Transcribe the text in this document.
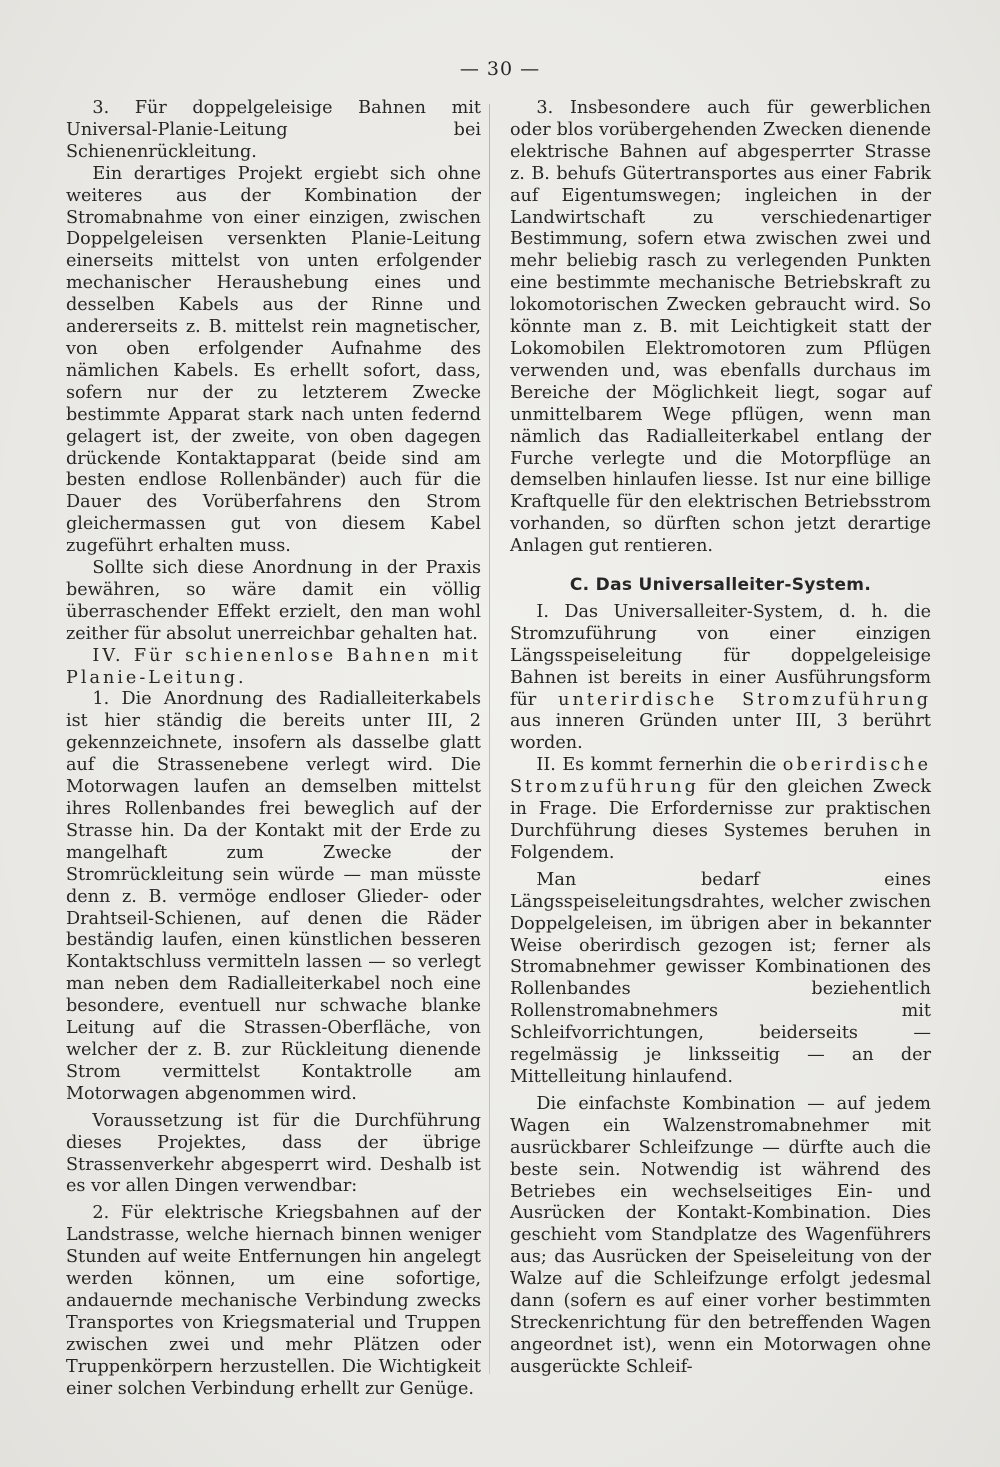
— 30 —

3. Für doppelgeleisige Bahnen mit Universal-Planie-Leitung bei Schienenrückleitung.

Ein derartiges Projekt ergiebt sich ohne weiteres aus der Kombination der Stromabnahme von einer einzigen, zwischen Doppelgeleisen versenkten Planie-Leitung einerseits mittelst von unten erfolgender mechanischer Heraushebung eines und desselben Kabels aus der Rinne und andererseits z. B. mittelst rein magnetischer, von oben erfolgender Aufnahme des nämlichen Kabels. Es erhellt sofort, dass, sofern nur der zu letzterem Zwecke bestimmte Apparat stark nach unten federnd gelagert ist, der zweite, von oben dagegen drückende Kontaktapparat (beide sind am besten endlose Rollenbänder) auch für die Dauer des Vorüberfahrens den Strom gleichermassen gut von diesem Kabel zugeführt erhalten muss.

Sollte sich diese Anordnung in der Praxis bewähren, so wäre damit ein völlig überraschender Effekt erzielt, den man wohl zeither für absolut unerreichbar gehalten hat.

IV. Für schienenlose Bahnen mit Planie-Leitung.

1. Die Anordnung des Radialleiterkabels ist hier ständig die bereits unter III, 2 gekennzeichnete, insofern als dasselbe glatt auf die Strassenebene verlegt wird. Die Motorwagen laufen an demselben mittelst ihres Rollenbandes frei beweglich auf der Strasse hin. Da der Kontakt mit der Erde zu mangelhaft zum Zwecke der Stromrückleitung sein würde — man müsste denn z. B. vermöge endloser Glieder- oder Drahtseil-Schienen, auf denen die Räder beständig laufen, einen künstlichen besseren Kontaktschluss vermitteln lassen — so verlegt man neben dem Radialleiterkabel noch eine besondere, eventuell nur schwache blanke Leitung auf die Strassen-Oberfläche, von welcher der z. B. zur Rückleitung dienende Strom vermittelst Kontaktrolle am Motorwagen abgenommen wird.

Voraussetzung ist für die Durchführung dieses Projektes, dass der übrige Strassenverkehr abgesperrt wird. Deshalb ist es vor allen Dingen verwendbar:

2. Für elektrische Kriegsbahnen auf der Landstrasse, welche hiernach binnen weniger Stunden auf weite Entfernungen hin angelegt werden können, um eine sofortige, andauernde mechanische Verbindung zwecks Transportes von Kriegsmaterial und Truppen zwischen zwei und mehr Plätzen oder Truppenkörpern herzustellen. Die Wichtigkeit einer solchen Verbindung erhellt zur Genüge.

3. Insbesondere auch für gewerblichen oder blos vorübergehenden Zwecken dienende elektrische Bahnen auf abgesperrter Strasse z. B. behufs Gütertransportes aus einer Fabrik auf Eigentumswegen; ingleichen in der Landwirtschaft zu verschiedenartiger Bestimmung, sofern etwa zwischen zwei und mehr beliebig rasch zu verlegenden Punkten eine bestimmte mechanische Betriebskraft zu lokomotorischen Zwecken gebraucht wird. So könnte man z. B. mit Leichtigkeit statt der Lokomobilen Elektromotoren zum Pflügen verwenden und, was ebenfalls durchaus im Bereiche der Möglichkeit liegt, sogar auf unmittelbarem Wege pflügen, wenn man nämlich das Radialleiterkabel entlang der Furche verlegte und die Motorpflüge an demselben hinlaufen liesse. Ist nur eine billige Kraftquelle für den elektrischen Betriebsstrom vorhanden, so dürften schon jetzt derartige Anlagen gut rentieren.

C. Das Universalleiter-System.

I. Das Universalleiter-System, d. h. die Stromzuführung von einer einzigen Längsspeiseleitung für doppelgeleisige Bahnen ist bereits in einer Ausführungsform für unterirdische Stromzuführung aus inneren Gründen unter III, 3 berührt worden.

II. Es kommt fernerhin die oberirdische Stromzuführung für den gleichen Zweck in Frage. Die Erfordernisse zur praktischen Durchführung dieses Systemes beruhen in Folgendem.

Man bedarf eines Längsspeiseleitungsdrahtes, welcher zwischen Doppelgeleisen, im übrigen aber in bekannter Weise oberirdisch gezogen ist; ferner als Stromabnehmer gewisser Kombinationen des Rollenbandes beziehentlich Rollenstromabnehmers mit Schleifvorrichtungen, beiderseits — regelmässig je linksseitig — an der Mittelleitung hinlaufend.

Die einfachste Kombination — auf jedem Wagen ein Walzenstromabnehmer mit ausrückbarer Schleifzunge — dürfte auch die beste sein. Notwendig ist während des Betriebes ein wechselseitiges Ein- und Ausrücken der Kontakt-Kombination. Dies geschieht vom Standplatze des Wagenführers aus; das Ausrücken der Speiseleitung von der Walze auf die Schleifzunge erfolgt jedesmal dann (sofern es auf einer vorher bestimmten Streckenrichtung für den betreffenden Wagen angeordnet ist), wenn ein Motorwagen ohne ausgerückte Schleif-
